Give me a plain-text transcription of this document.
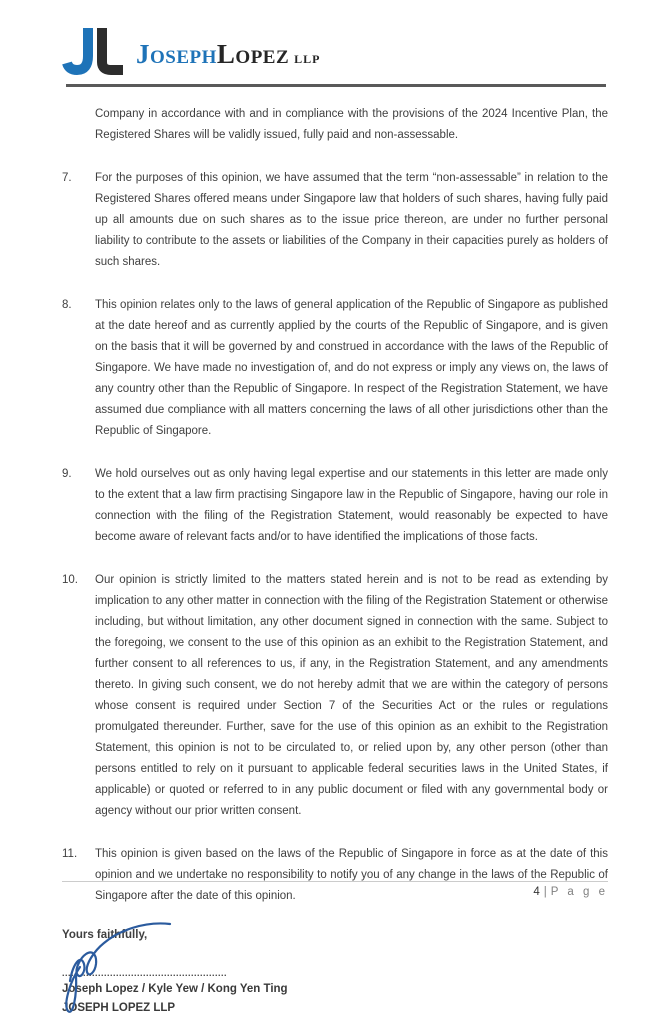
JosephLopez llp
Company in accordance with and in compliance with the provisions of the 2024 Incentive Plan, the Registered Shares will be validly issued, fully paid and non-assessable.
7.	For the purposes of this opinion, we have assumed that the term “non-assessable” in relation to the Registered Shares offered means under Singapore law that holders of such shares, having fully paid up all amounts due on such shares as to the issue price thereon, are under no further personal liability to contribute to the assets or liabilities of the Company in their capacities purely as holders of such shares.
8.	This opinion relates only to the laws of general application of the Republic of Singapore as published at the date hereof and as currently applied by the courts of the Republic of Singapore, and is given on the basis that it will be governed by and construed in accordance with the laws of the Republic of Singapore. We have made no investigation of, and do not express or imply any views on, the laws of any country other than the Republic of Singapore. In respect of the Registration Statement, we have assumed due compliance with all matters concerning the laws of all other jurisdictions other than the Republic of Singapore.
9.	We hold ourselves out as only having legal expertise and our statements in this letter are made only to the extent that a law firm practising Singapore law in the Republic of Singapore, having our role in connection with the filing of the Registration Statement, would reasonably be expected to have become aware of relevant facts and/or to have identified the implications of those facts.
10.	Our opinion is strictly limited to the matters stated herein and is not to be read as extending by implication to any other matter in connection with the filing of the Registration Statement or otherwise including, but without limitation, any other document signed in connection with the same. Subject to the foregoing, we consent to the use of this opinion as an exhibit to the Registration Statement, and further consent to all references to us, if any, in the Registration Statement, and any amendments thereto. In giving such consent, we do not hereby admit that we are within the category of persons whose consent is required under Section 7 of the Securities Act or the rules or regulations promulgated thereunder. Further, save for the use of this opinion as an exhibit to the Registration Statement, this opinion is not to be circulated to, or relied upon by, any other person (other than persons entitled to rely on it pursuant to applicable federal securities laws in the United States, if applicable) or quoted or referred to in any public document or filed with any governmental body or agency without our prior written consent.
11.	This opinion is given based on the laws of the Republic of Singapore in force as at the date of this opinion and we undertake no responsibility to notify you of any change in the laws of the Republic of Singapore after the date of this opinion.
Yours faithfully,
.......................................................
Joseph Lopez / Kyle Yew / Kong Yen Ting
JOSEPH LOPEZ LLP
4 | P a g e
